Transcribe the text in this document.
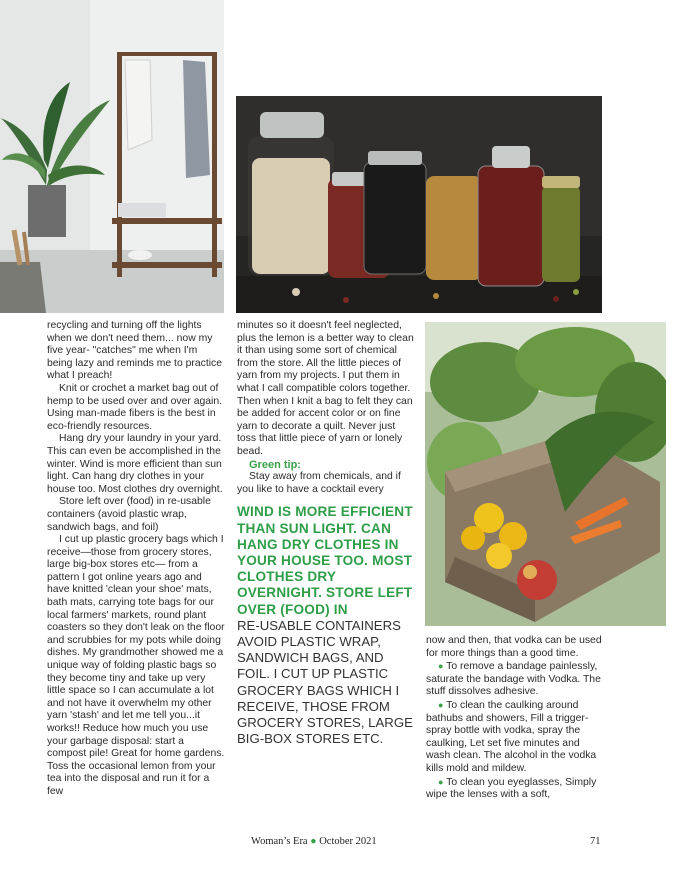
recycling and turning off the lights when we don't need them... now my five year- "catches" me when I'm being lazy and reminds me to practice what I preach!

Knit or crochet a market bag out of hemp to be used over and over again. Using man-made fibers is the best in eco-friendly resources.

Hang dry your laundry in your yard. This can even be accomplished in the winter. Wind is more efficient than sun light. Can hang dry clothes in your house too. Most clothes dry overnight.

Store left over (food) in re-usable containers (avoid plastic wrap, sandwich bags, and foil)

I cut up plastic grocery bags which I receive—those from grocery stores, large big-box stores etc— from a pattern I got online years ago and have knitted 'clean your shoe' mats, bath mats, carrying tote bags for our local farmers' markets, round plant coasters so they don't leak on the floor and scrubbies for my pots while doing dishes. My grandmother showed me a unique way of folding plastic bags so they become tiny and take up very little space so I can accumulate a lot and not have it overwhelm my other yarn 'stash' and let me tell you...it works!! Reduce how much you use your garbage disposal: start a compost pile! Great for home gardens. Toss the occasional lemon from your tea into the disposal and run it for a few

minutes so it doesn't feel neglected, plus the lemon is a better way to clean it than using some sort of chemical from the store. All the little pieces of yarn from my projects. I put them in what I call compatible colors together. Then when I knit a bag to felt they can be added for accent color or on fine yarn to decorate a quilt. Never just toss that little piece of yarn or lonely bead.

Green tip:

Stay away from chemicals, and if you like to have a cocktail every

WIND IS MORE EFFICIENT THAN SUN LIGHT. CAN HANG DRY CLOTHES IN YOUR HOUSE TOO. MOST CLOTHES DRY OVERNIGHT. STORE LEFT OVER (FOOD) IN
RE-USABLE CONTAINERS AVOID PLASTIC WRAP, SANDWICH BAGS, AND FOIL. I CUT UP PLASTIC GROCERY BAGS WHICH I RECEIVE, THOSE FROM GROCERY STORES, LARGE BIG-BOX STORES ETC.

now and then, that vodka can be used for more things than a good time.

● To remove a bandage painlessly, saturate the bandage with Vodka. The stuff dissolves adhesive.

● To clean the caulking around bathubs and showers, Fill a trigger-spray bottle with vodka, spray the caulking, Let set five minutes and wash clean. The alcohol in the vodka kills mold and mildew.

● To clean you eyeglasses, Simply wipe the lenses with a soft,

Woman’s Era ● October 2021	71
